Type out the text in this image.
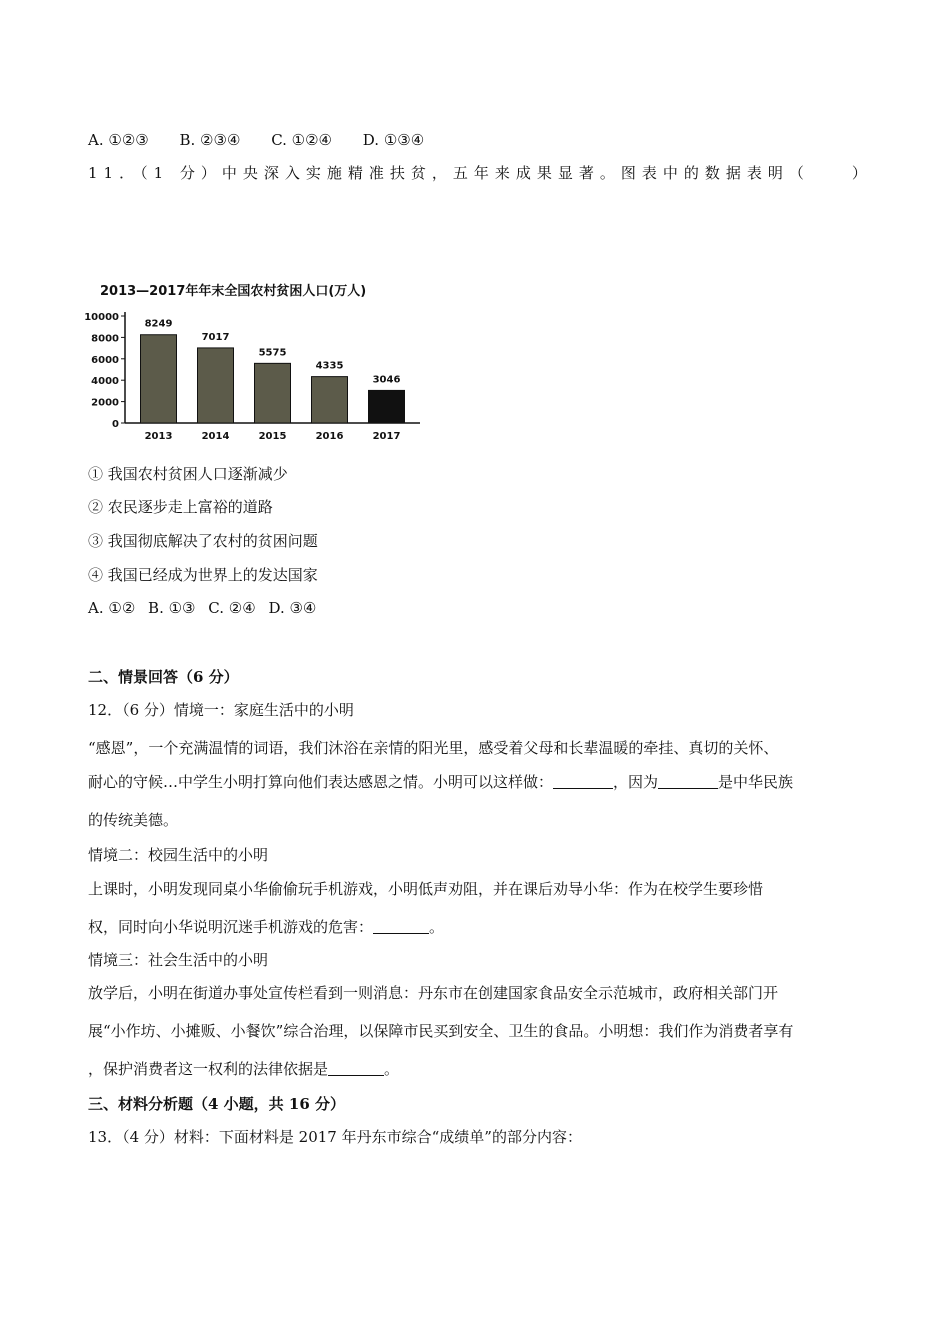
A. ①②③ B. ②③④ C. ①②④ D. ①③④
11．（1 分）中央深入实施精准扶贫，五年来成果显著。图表中的数据表明（　　）
2013—2017年年末全国农村贫困人口(万人)
0
2000
4000
6000
8000
10000
8249
2013
7017
2014
5575
2015
4335
2016
3046
2017
① 我国农村贫困人口逐渐减少
② 农民逐步走上富裕的道路
③ 我国彻底解决了农村的贫困问题
④ 我国已经成为世界上的发达国家
A. ①② B. ①③ C. ②④ D. ③④
二、情景回答（6 分）
12．（6 分）情境一：家庭生活中的小明
“感恩”，一个充满温情的词语，我们沐浴在亲情的阳光里，感受着父母和长辈温暖的牵挂、真切的关怀、
耐心的守候…中学生小明打算向他们表达感恩之情。小明可以这样做：	，因为	是中华民族
的传统美德。
情境二：校园生活中的小明
上课时，小明发现同桌小华偷偷玩手机游戏，小明低声劝阻，并在课后劝导小华：作为在校学生要珍惜
权，同时向小华说明沉迷手机游戏的危害：	。
情境三：社会生活中的小明
放学后，小明在街道办事处宣传栏看到一则消息：丹东市在创建国家食品安全示范城市，政府相关部门开
展“小作坊、小摊贩、小餐饮”综合治理，以保障市民买到安全、卫生的食品。小明想：我们作为消费者享有
，保护消费者这一权利的法律依据是	。
三、材料分析题（4 小题，共 16 分）
13．（4 分）材料：下面材料是 2017 年丹东市综合“成绩单”的部分内容：
